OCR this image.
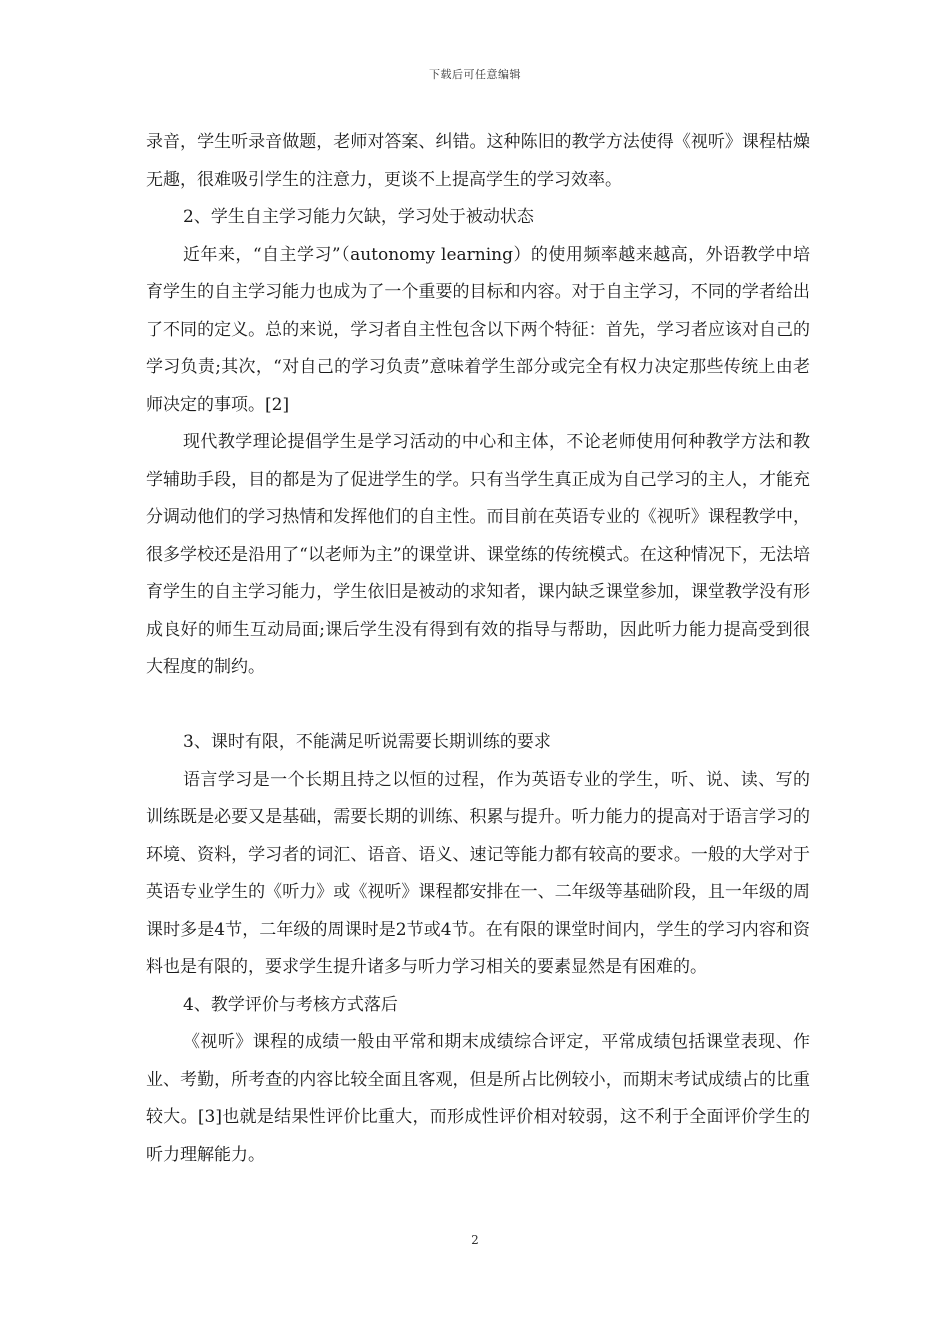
下载后可任意编辑

录音，学生听录音做题，老师对答案、纠错。这种陈旧的教学方法使得《视听》课程枯燥无趣，很难吸引学生的注意力，更谈不上提高学生的学习效率。

2、学生自主学习能力欠缺，学习处于被动状态

近年来，“自主学习”（autonomy learning）的使用频率越来越高，外语教学中培育学生的自主学习能力也成为了一个重要的目标和内容。对于自主学习，不同的学者给出了不同的定义。总的来说，学习者自主性包含以下两个特征：首先，学习者应该对自己的学习负责;其次，“对自己的学习负责”意味着学生部分或完全有权力决定那些传统上由老师决定的事项。[2]

现代教学理论提倡学生是学习活动的中心和主体，不论老师使用何种教学方法和教学辅助手段，目的都是为了促进学生的学。只有当学生真正成为自己学习的主人，才能充分调动他们的学习热情和发挥他们的自主性。而目前在英语专业的《视听》课程教学中，很多学校还是沿用了“以老师为主”的课堂讲、课堂练的传统模式。在这种情况下，无法培育学生的自主学习能力，学生依旧是被动的求知者，课内缺乏课堂参加，课堂教学没有形成良好的师生互动局面;课后学生没有得到有效的指导与帮助，因此听力能力提高受到很大程度的制约。

3、课时有限，不能满足听说需要长期训练的要求

语言学习是一个长期且持之以恒的过程，作为英语专业的学生，听、说、读、写的训练既是必要又是基础，需要长期的训练、积累与提升。听力能力的提高对于语言学习的环境、资料，学习者的词汇、语音、语义、速记等能力都有较高的要求。一般的大学对于英语专业学生的《听力》或《视听》课程都安排在一、二年级等基础阶段，且一年级的周课时多是4节，二年级的周课时是2节或4节。在有限的课堂时间内，学生的学习内容和资料也是有限的，要求学生提升诸多与听力学习相关的要素显然是有困难的。

4、教学评价与考核方式落后

《视听》课程的成绩一般由平常和期末成绩综合评定，平常成绩包括课堂表现、作业、考勤，所考查的内容比较全面且客观，但是所占比例较小，而期末考试成绩占的比重较大。[3]也就是结果性评价比重大，而形成性评价相对较弱，这不利于全面评价学生的听力理解能力。

2
